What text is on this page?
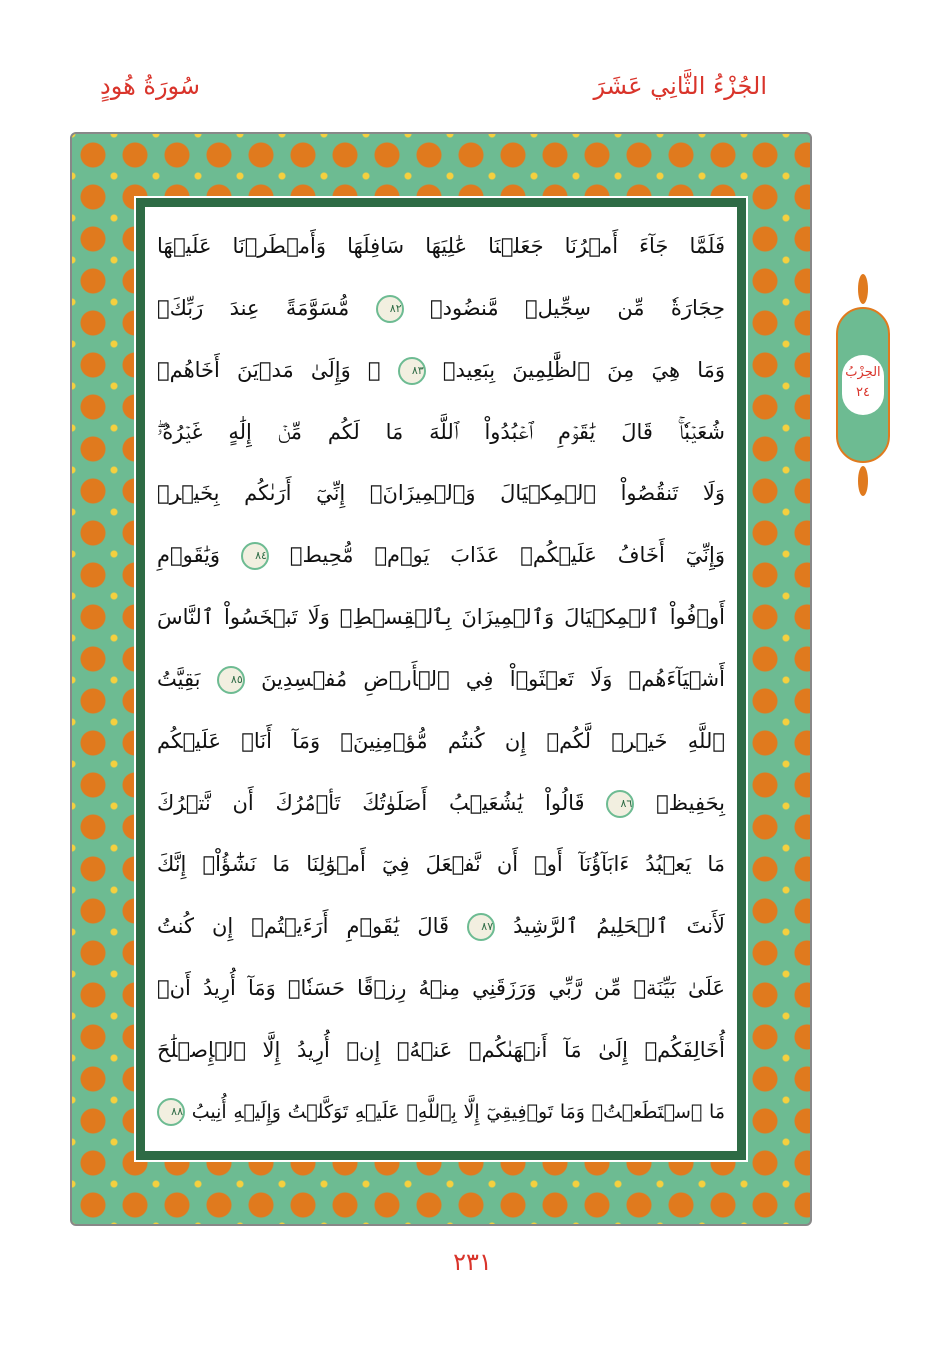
الجُزْءُ الثَّانِي عَشَرَ
سُورَةُ هُودٍ
فَلَمَّا جَآءَ أَمۡرُنَا جَعَلۡنَا عَٰلِيَهَا سَافِلَهَا وَأَمۡطَرۡنَا عَلَيۡهَا
حِجَارَةٗ مِّن سِجِّيلٖ مَّنضُودٖ ٨٢ مُّسَوَّمَةً عِندَ رَبِّكَۖ
وَمَا هِيَ مِنَ ٱلظَّٰلِمِينَ بِبَعِيدٖ ٨٣ ۞ وَإِلَىٰ مَدۡيَنَ أَخَاهُمۡ
شُعَيۡبٗاۚ قَالَ يَٰقَوۡمِ ٱعۡبُدُواْ ٱللَّهَ مَا لَكُم مِّنۡ إِلَٰهٍ غَيۡرُهُۥۖ
وَلَا تَنقُصُواْ ٱلۡمِكۡيَالَ وَٱلۡمِيزَانَۖ إِنِّيٓ أَرَىٰكُم بِخَيۡرٖ
وَإِنِّيٓ أَخَافُ عَلَيۡكُمۡ عَذَابَ يَوۡمٖ مُّحِيطٖ ٨٤ وَيَٰقَوۡمِ
أَوۡفُواْ ٱلۡمِكۡيَالَ وَٱلۡمِيزَانَ بِٱلۡقِسۡطِۖ وَلَا تَبۡخَسُواْ ٱلنَّاسَ
أَشۡيَآءَهُمۡ وَلَا تَعۡثَوۡاْ فِي ٱلۡأَرۡضِ مُفۡسِدِينَ ٨٥ بَقِيَّتُ
ٱللَّهِ خَيۡرٞ لَّكُمۡ إِن كُنتُم مُّؤۡمِنِينَۚ وَمَآ أَنَا۠ عَلَيۡكُم
بِحَفِيظٖ ٨٦ قَالُواْ يَٰشُعَيۡبُ أَصَلَوٰتُكَ تَأۡمُرُكَ أَن نَّتۡرُكَ
مَا يَعۡبُدُ ءَابَآؤُنَآ أَوۡ أَن نَّفۡعَلَ فِيٓ أَمۡوَٰلِنَا مَا نَشَٰٓؤُاْۖ إِنَّكَ
لَأَنتَ ٱلۡحَلِيمُ ٱلرَّشِيدُ ٨٧ قَالَ يَٰقَوۡمِ أَرَءَيۡتُمۡ إِن كُنتُ
عَلَىٰ بَيِّنَةٖ مِّن رَّبِّي وَرَزَقَنِي مِنۡهُ رِزۡقًا حَسَنٗاۚ وَمَآ أُرِيدُ أَنۡ
أُخَالِفَكُمۡ إِلَىٰ مَآ أَنۡهَىٰكُمۡ عَنۡهُۚ إِنۡ أُرِيدُ إِلَّا ٱلۡإِصۡلَٰحَ
مَا ٱسۡتَطَعۡتُۚ وَمَا تَوۡفِيقِيٓ إِلَّا بِٱللَّهِۚ عَلَيۡهِ تَوَكَّلۡتُ وَإِلَيۡهِ أُنِيبُ ٨٨
الحِزْبُ
٢٤
٢٣١
